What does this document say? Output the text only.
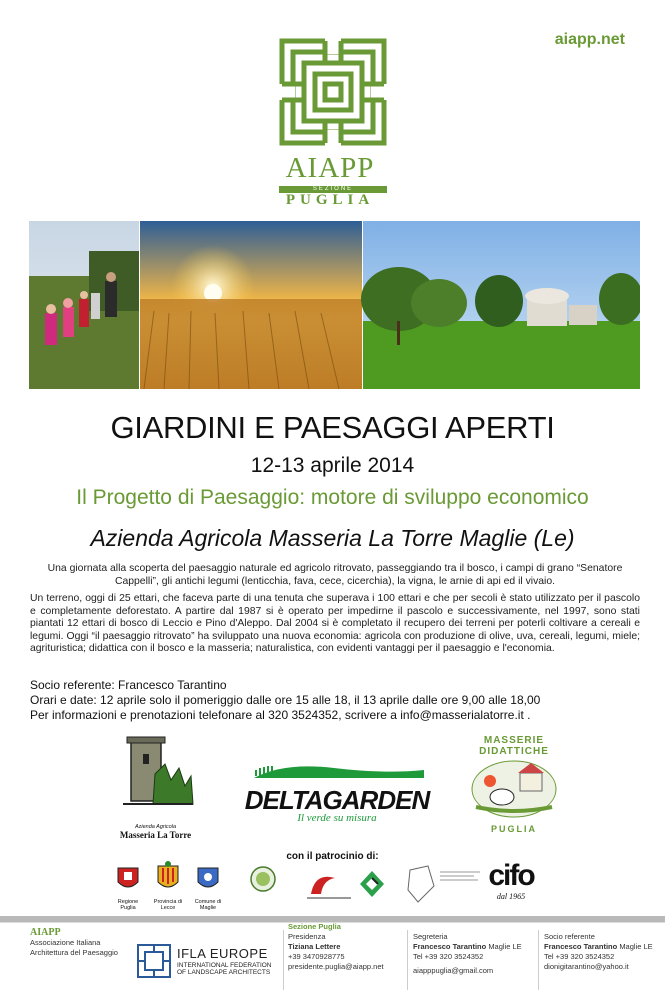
aiapp.net
AIAPP
SEZIONE
PUGLIA
GIARDINI E PAESAGGI APERTI
12-13 aprile 2014
Il Progetto di Paesaggio: motore di sviluppo economico
Azienda Agricola Masseria La Torre Maglie (Le)
Una giornata alla scoperta del paesaggio naturale ed agricolo ritrovato, passeggiando tra il bosco, i campi di grano “Senatore Cappelli”, gli antichi legumi (lenticchia, fava, cece, cicerchia), la vigna, le arnie di api ed il vivaio.
Un terreno, oggi di 25 ettari, che faceva parte di una tenuta che superava i 100 ettari e che per secoli è stato utilizzato per il pascolo e completamente deforestato. A partire dal 1987 si è operato per impedirne il pascolo e successivamente, nel 1997, sono stati piantati 12 ettari di bosco di Leccio e Pino d'Aleppo. Dal 2004 si è completato il recupero dei terreni per poterli coltivare a cereali e legumi. Oggi “il paesaggio ritrovato” ha sviluppato una nuova economia: agricola con produzione di olive, uva, cereali, legumi, miele; agrituristica; didattica con il bosco e la masseria; naturalistica, con evidenti vantaggi per il paesaggio e l'economia.
Socio referente: Francesco Tarantino
Orari e date: 12 aprile solo il pomeriggio dalle ore 15 alle 18, il 13 aprile dalle ore 9,00 alle 18,00
Per informazioni e prenotazioni telefonare al 320 3524352, scrivere a info@masserialatorre.it .
Azienda Agricola
Masseria La Torre
DELTAGARDEN
Il verde su misura
MASSERIE
DIDATTICHE
PUGLIA
con il patrocinio di:
Regione Puglia
Provincia di Lecce
Comune di Maglie
cifo
dal 1965
AIAPP
Associazione Italiana
Architettura del Paesaggio	IFLA EUROPE
INTERNATIONAL FEDERATION
OF LANDSCAPE ARCHITECTS
Sezione Puglia
Presidenza
Tiziana Lettere
+39 3470928775
presidente.puglia@aiapp.net
Segreteria
Francesco Tarantino Maglie LE
Tel +39 320 3524352
aiapppuglia@gmail.com
Socio referente
Francesco Tarantino Maglie LE
Tel +39 320 3524352
dionigitarantino@yahoo.it
